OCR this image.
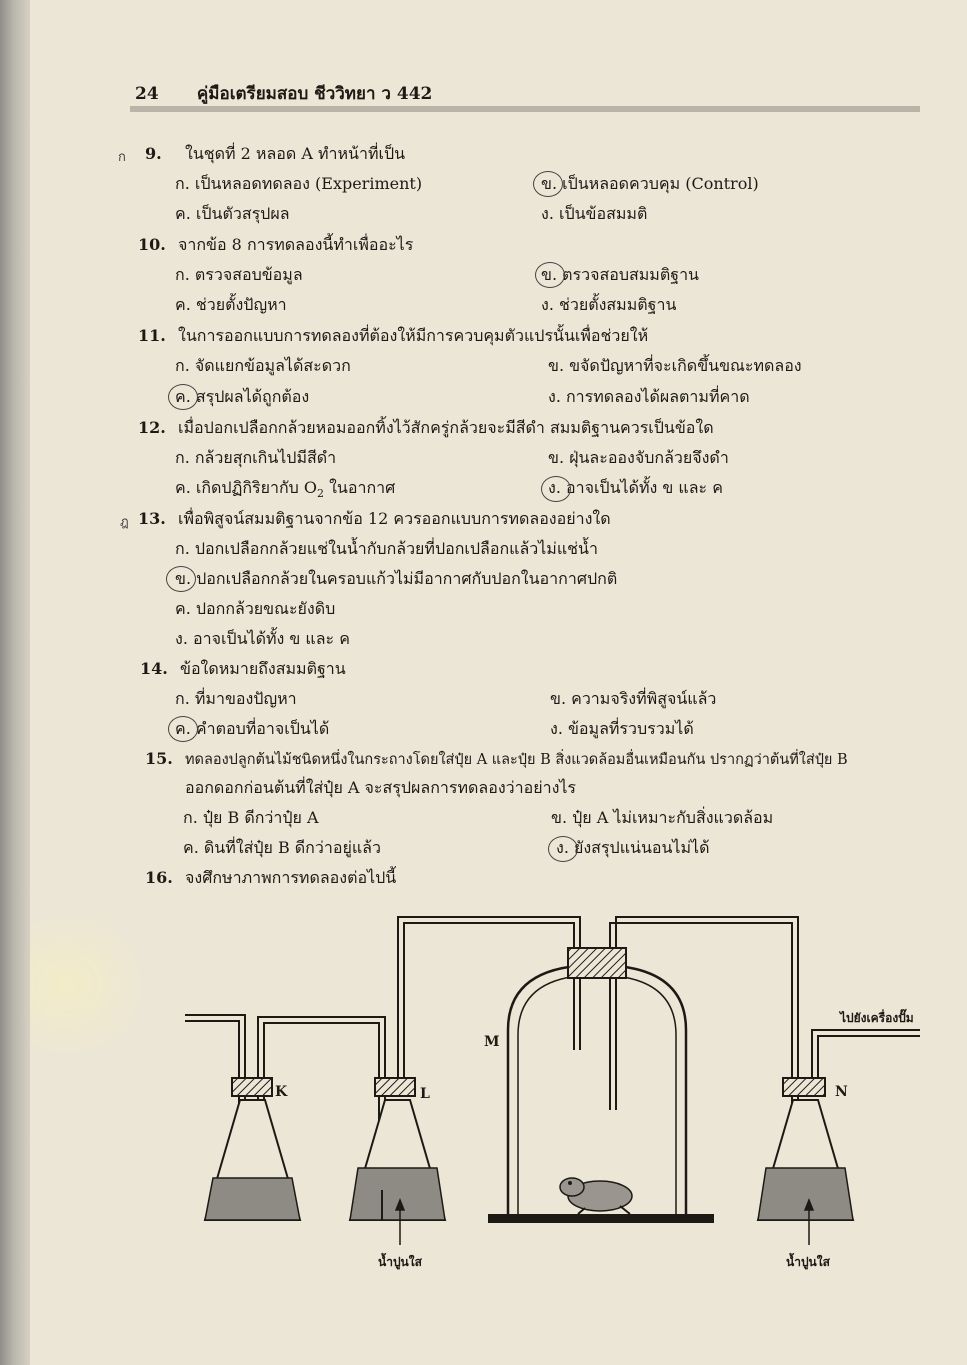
24 คู่มือเตรียมสอบ ชีววิทยา ว 442
ก 9. ในชุดที่ 2 หลอด A ทำหน้าที่เป็น
ก. เป็นหลอดทดลอง (Experiment)	ข. เป็นหลอดควบคุม (Control)
ค. เป็นตัวสรุปผล	ง. เป็นข้อสมมติ
10. จากข้อ 8 การทดลองนี้ทำเพื่ออะไร
ก. ตรวจสอบข้อมูล	ข. ตรวจสอบสมมติฐาน
ค. ช่วยตั้งปัญหา	ง. ช่วยตั้งสมมติฐาน
11. ในการออกแบบการทดลองที่ต้องให้มีการควบคุมตัวแปรนั้นเพื่อช่วยให้
ก. จัดแยกข้อมูลได้สะดวก	ข. ขจัดปัญหาที่จะเกิดขึ้นขณะทดลอง
ค. สรุปผลได้ถูกต้อง	ง. การทดลองได้ผลตามที่คาด
12. เมื่อปอกเปลือกกล้วยหอมออกทิ้งไว้สักครู่กล้วยจะมีสีดำ สมมติฐานควรเป็นข้อใด
ก. กล้วยสุกเกินไปมีสีดำ	ข. ฝุ่นละอองจับกล้วยจึงดำ
ค. เกิดปฏิกิริยากับ $O_2$ ในอากาศ	ง. อาจเป็นได้ทั้ง ข และ ค
ฎ 13. เพื่อพิสูจน์สมมติฐานจากข้อ 12 ควรออกแบบการทดลองอย่างใด
ก. ปอกเปลือกกล้วยแช่ในน้ำกับกล้วยที่ปอกเปลือกแล้วไม่แช่น้ำ
ข. ปอกเปลือกกล้วยในครอบแก้วไม่มีอากาศกับปอกในอากาศปกติ
ค. ปอกกล้วยขณะยังดิบ
ง. อาจเป็นได้ทั้ง ข และ ค
14. ข้อใดหมายถึงสมมติฐาน
ก. ที่มาของปัญหา	ข. ความจริงที่พิสูจน์แล้ว
ค. คำตอบที่อาจเป็นได้	ง. ข้อมูลที่รวบรวมได้
15. ทดลองปลูกต้นไม้ชนิดหนึ่งในกระถางโดยใส่ปุ๋ย A และปุ๋ย B สิ่งแวดล้อมอื่นเหมือนกัน ปรากฏว่าต้นที่ใส่ปุ๋ย B
ออกดอกก่อนต้นที่ใส่ปุ๋ย A จะสรุปผลการทดลองว่าอย่างไร
ก. ปุ๋ย B ดีกว่าปุ๋ย A	ข. ปุ๋ย A ไม่เหมาะกับสิ่งแวดล้อม
ค. ดินที่ใส่ปุ๋ย B ดีกว่าอยู่แล้ว	ง. ยังสรุปแน่นอนไม่ได้
16. จงศึกษาภาพการทดลองต่อไปนี้
K	L
M
N
ไปยังเครื่องปั๊ม
น้ำปูนใส	น้ำปูนใส
